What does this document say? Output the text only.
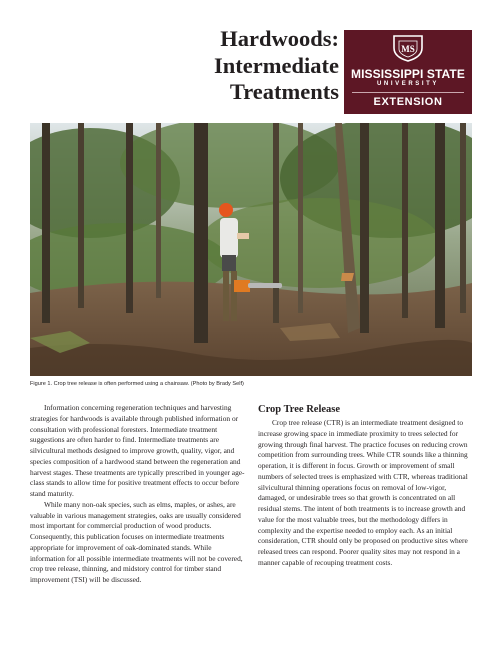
Hardwoods:
Intermediate
Treatments
MS
MISSISSIPPI STATE
UNIVERSITY
EXTENSION
Figure 1. Crop tree release is often performed using a chainsaw. (Photo by Brady Self)

Information concerning regeneration techniques and harvesting strategies for hardwoods is available through published information or consultation with professional foresters. Intermediate treatment suggestions are often harder to find. Intermediate treatments are silvicultural methods designed to improve growth, quality, vigor, and species composition of a hardwood stand between the regeneration and harvest stages. These treatments are typically prescribed in younger age-class stands to allow time for positive treatment effects to occur before stand maturity.

While many non-oak species, such as elms, maples, or ashes, are valuable in various management strategies, oaks are usually considered most important for commercial production of wood products. Consequently, this publication focuses on intermediate treatments appropriate for improvement of oak-dominated stands. While information for all possible intermediate treatments will not be covered, crop tree release, thinning, and midstory control for timber stand improvement (TSI) will be discussed.

Crop Tree Release

Crop tree release (CTR) is an intermediate treatment designed to increase growing space in immediate proximity to trees selected for growing through final harvest. The practice focuses on reducing crown competition from surrounding trees. While CTR sounds like a thinning operation, it is different in focus. Growth or improvement of small numbers of selected trees is emphasized with CTR, whereas traditional silvicultural thinning operations focus on removal of low-vigor, damaged, or undesirable trees so that growth is concentrated on all residual stems. The intent of both treatments is to increase growth and value for the most valuable trees, but the methodology differs in complexity and the expertise needed to employ each. As an initial consideration, CTR should only be proposed on productive sites where released trees can respond. Poorer quality sites may not respond in a manner capable of recouping treatment costs.
